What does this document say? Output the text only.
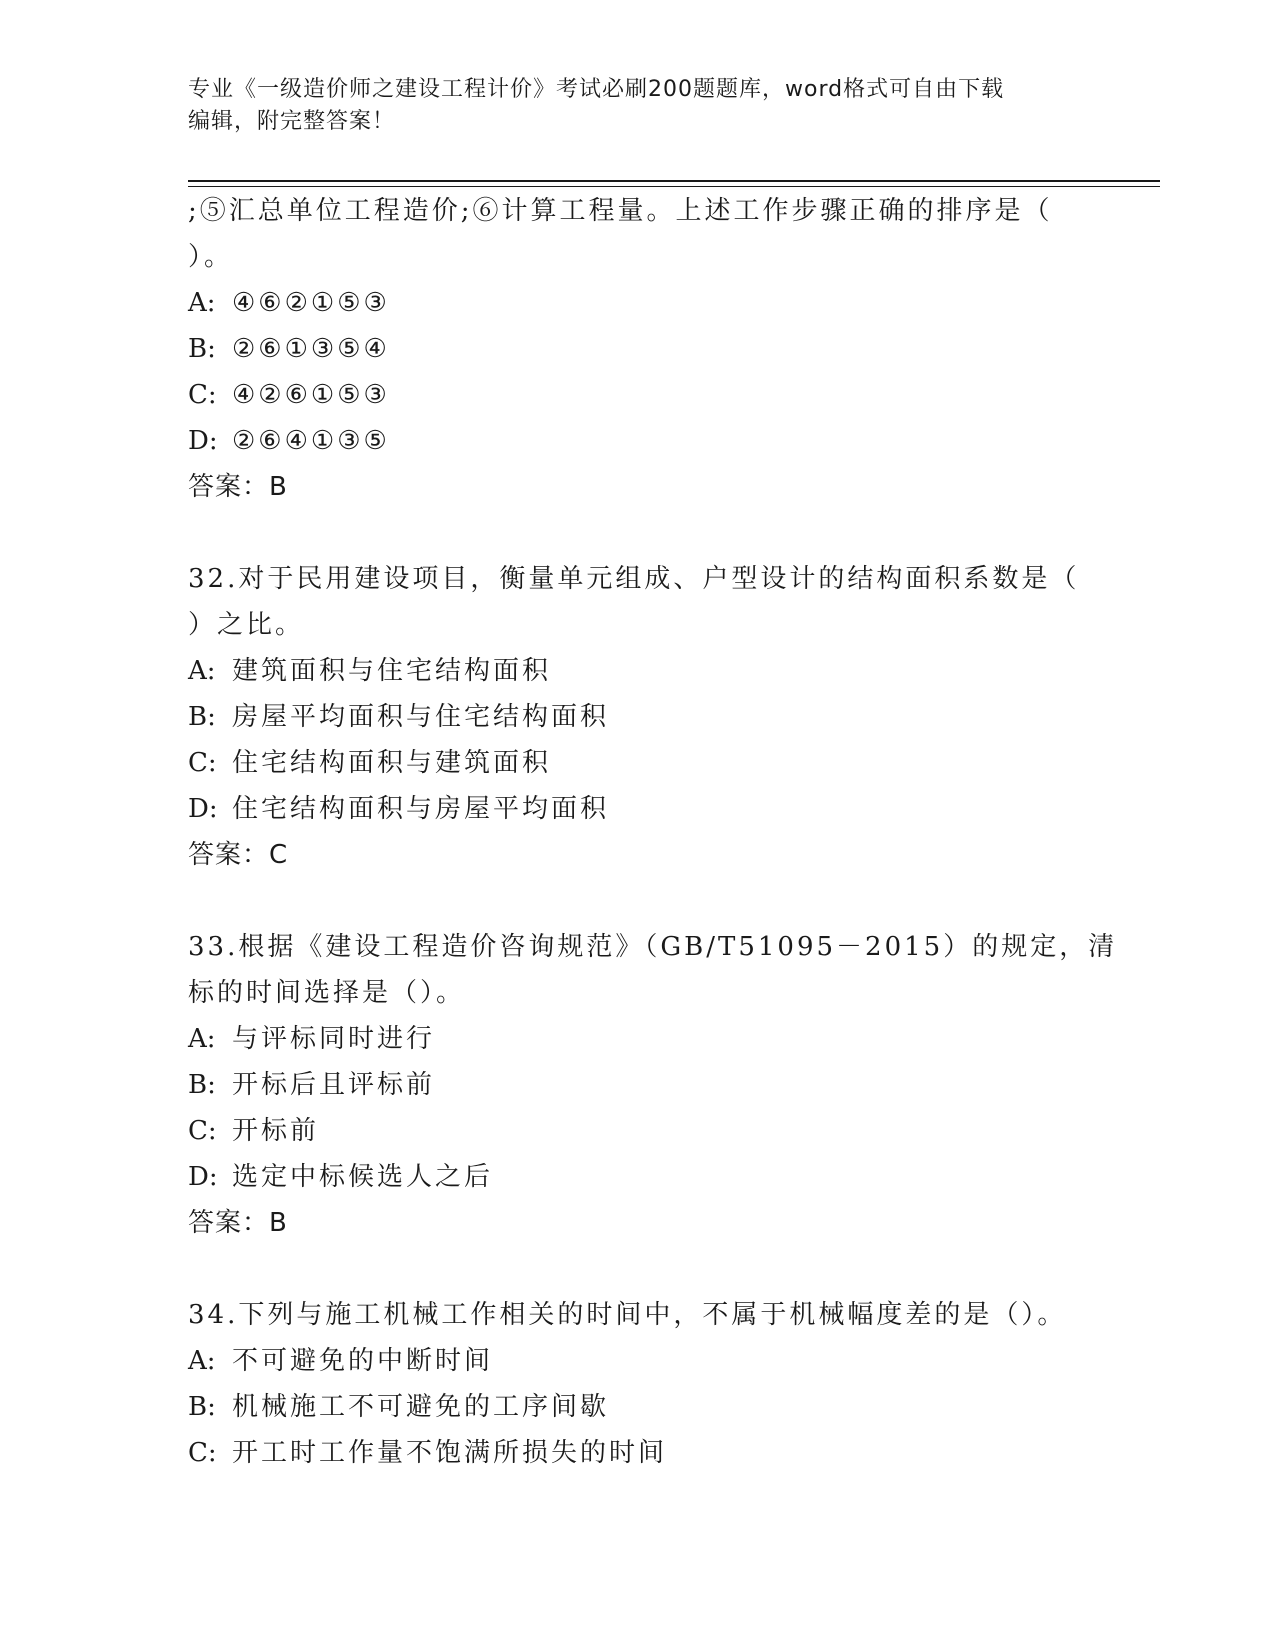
专业《一级造价师之建设工程计价》考试必刷200题题库，word格式可自由下载
编辑，附完整答案！
;⑤汇总单位工程造价;⑥计算工程量。上述工作步骤正确的排序是（
）。
A: ④⑥②①⑤③
B: ②⑥①③⑤④
C: ④②⑥①⑤③
D: ②⑥④①③⑤
答案：B
32.对于民用建设项目，衡量单元组成、户型设计的结构面积系数是（
）之比。
A: 建筑面积与住宅结构面积
B: 房屋平均面积与住宅结构面积
C: 住宅结构面积与建筑面积
D: 住宅结构面积与房屋平均面积
答案：C
33.根据《建设工程造价咨询规范》（GB/T51095－2015）的规定，清
标的时间选择是（）。
A: 与评标同时进行
B: 开标后且评标前
C: 开标前
D: 选定中标候选人之后
答案：B
34.下列与施工机械工作相关的时间中，不属于机械幅度差的是（）。
A: 不可避免的中断时间
B: 机械施工不可避免的工序间歇
C: 开工时工作量不饱满所损失的时间
